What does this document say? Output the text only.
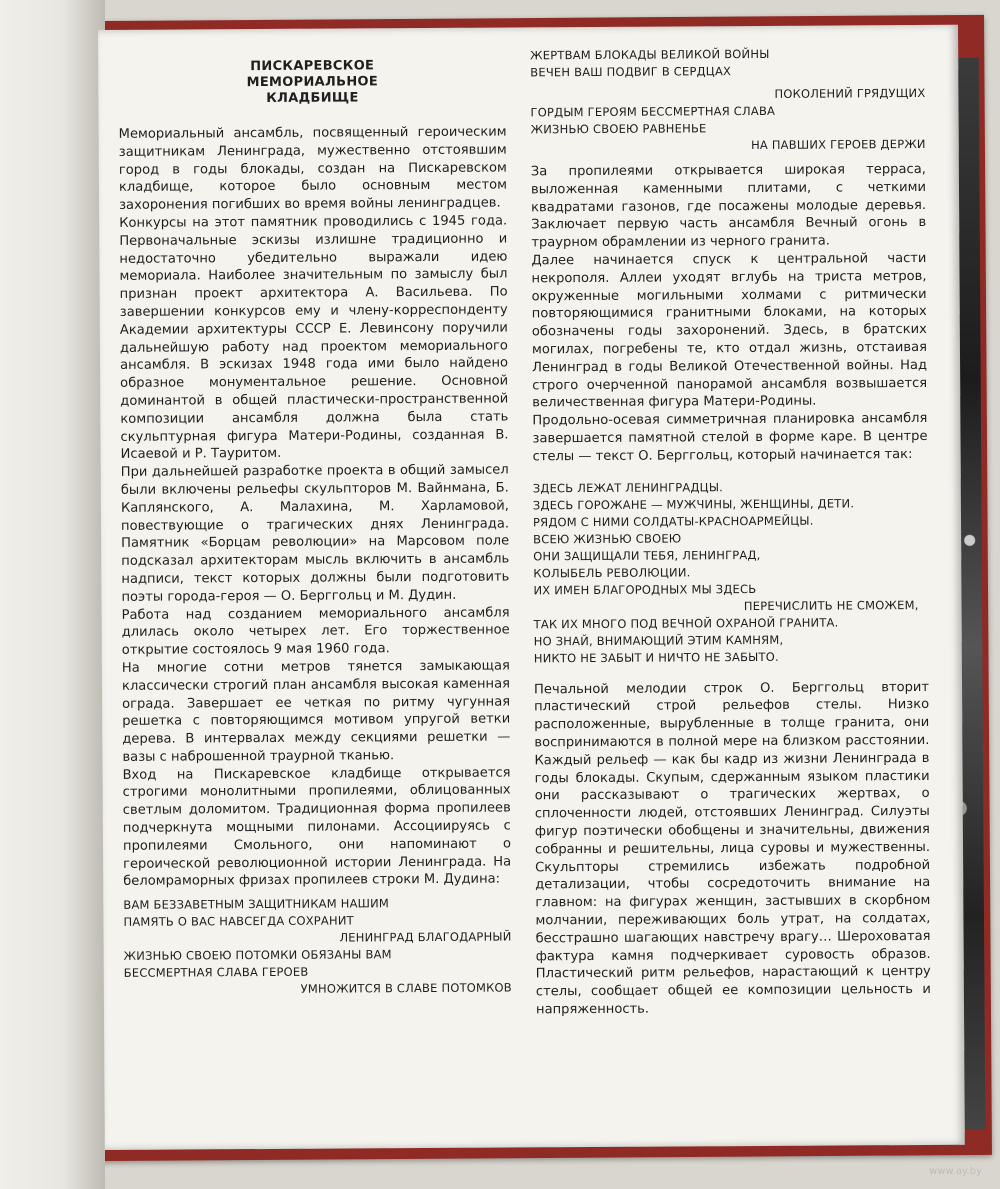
ПИСКАРЕВСКОЕ
МЕМОРИАЛЬНОЕ
КЛАДБИЩЕ

Мемориальный ансамбль, посвященный героическим защитникам Ленинграда, мужественно отстоявшим город в годы блокады, создан на Пискаревском кладбище, которое было основным местом захоронения погибших во время войны ленинградцев.

Конкурсы на этот памятник проводились с 1945 года. Первоначальные эскизы излишне традиционно и недостаточно убедительно выражали идею мемориала. Наиболее значительным по замыслу был признан проект архитектора А. Васильева. По завершении конкурсов ему и члену-корреспонденту Академии архитектуры СССР Е. Левинсону поручили дальнейшую работу над проектом мемориального ансамбля. В эскизах 1948 года ими было найдено образное монументальное решение. Основной доминантой в общей пластически-пространственной композиции ансамбля должна была стать скульптурная фигура Матери-Родины, созданная В. Исаевой и Р. Тауритом.

При дальнейшей разработке проекта в общий замысел были включены рельефы скульпторов М. Вайнмана, Б. Каплянского, А. Малахина, М. Харламовой, повествующие о трагических днях Ленинграда. Памятник «Борцам революции» на Марсовом поле подсказал архитекторам мысль включить в ансамбль надписи, текст которых должны были подготовить поэты города-героя — О. Берггольц и М. Дудин.

Работа над созданием мемориального ансамбля длилась около четырех лет. Его торжественное открытие состоялось 9 мая 1960 года.

На многие сотни метров тянется замыкающая классически строгий план ансамбля высокая каменная ограда. Завершает ее четкая по ритму чугунная решетка с повторяющимся мотивом упругой ветки дерева. В интервалах между секциями решетки — вазы с наброшенной траурной тканью.

Вход на Пискаревское кладбище открывается строгими монолитными пропилеями, облицованных светлым доломитом. Традиционная форма пропилеев подчеркнута мощными пилонами. Ассоциируясь с пропилеями Смольного, они напоминают о героической революционной истории Ленинграда. На беломраморных фризах пропилеев строки М. Дудина:

ВАМ БЕЗЗАВЕТНЫМ ЗАЩИТНИКАМ НАШИМ
ПАМЯТЬ О ВАС НАВСЕГДА СОХРАНИТ
ЛЕНИНГРАД БЛАГОДАРНЫЙ
ЖИЗНЬЮ СВОЕЮ ПОТОМКИ ОБЯЗАНЫ ВАМ
БЕССМЕРТНАЯ СЛАВА ГЕРОЕВ
УМНОЖИТСЯ В СЛАВЕ ПОТОМКОВ
ЖЕРТВАМ БЛОКАДЫ ВЕЛИКОЙ ВОЙНЫ
ВЕЧЕН ВАШ ПОДВИГ В СЕРДЦАХ
ПОКОЛЕНИЙ ГРЯДУЩИХ
ГОРДЫМ ГЕРОЯМ БЕССМЕРТНАЯ СЛАВА
ЖИЗНЬЮ СВОЕЮ РАВНЕНЬЕ
НА ПАВШИХ ГЕРОЕВ ДЕРЖИ

За пропилеями открывается широкая терраса, выложенная каменными плитами, с четкими квадратами газонов, где посажены молодые деревья. Заключает первую часть ансамбля Вечный огонь в траурном обрамлении из черного гранита.

Далее начинается спуск к центральной части некрополя. Аллеи уходят вглубь на триста метров, окруженные могильными холмами с ритмически повторяющимися гранитными блоками, на которых обозначены годы захоронений. Здесь, в братских могилах, погребены те, кто отдал жизнь, отстаивая Ленинград в годы Великой Отечественной войны. Над строго очерченной панорамой ансамбля возвышается величественная фигура Матери-Родины.

Продольно-осевая симметричная планировка ансамбля завершается памятной стелой в форме каре. В центре стелы — текст О. Берггольц, который начинается так:

ЗДЕСЬ ЛЕЖАТ ЛЕНИНГРАДЦЫ.
ЗДЕСЬ ГОРОЖАНЕ — МУЖЧИНЫ, ЖЕНЩИНЫ, ДЕТИ.
РЯДОМ С НИМИ СОЛДАТЫ-КРАСНОАРМЕЙЦЫ.
ВСЕЮ ЖИЗНЬЮ СВОЕЮ
ОНИ ЗАЩИЩАЛИ ТЕБЯ, ЛЕНИНГРАД,
КОЛЫБЕЛЬ РЕВОЛЮЦИИ.
ИХ ИМЕН БЛАГОРОДНЫХ МЫ ЗДЕСЬ
ПЕРЕЧИСЛИТЬ НЕ СМОЖЕМ,
ТАК ИХ МНОГО ПОД ВЕЧНОЙ ОХРАНОЙ ГРАНИТА.
НО ЗНАЙ, ВНИМАЮЩИЙ ЭТИМ КАМНЯМ,
НИКТО НЕ ЗАБЫТ И НИЧТО НЕ ЗАБЫТО.

Печальной мелодии строк О. Берггольц вторит пластический строй рельефов стелы. Низко расположенные, вырубленные в толще гранита, они воспринимаются в полной мере на близком расстоянии. Каждый рельеф — как бы кадр из жизни Ленинграда в годы блокады. Скупым, сдержанным языком пластики они рассказывают о трагических жертвах, о сплоченности людей, отстоявших Ленинград. Силуэты фигур поэтически обобщены и значительны, движения собранны и решительны, лица суровы и мужественны. Скульпторы стремились избежать подробной детализации, чтобы сосредоточить внимание на главном: на фигурах женщин, застывших в скорбном молчании, переживающих боль утрат, на солдатах, бесстрашно шагающих навстречу врагу… Шероховатая фактура камня подчеркивает суровость образов. Пластический ритм рельефов, нарастающий к центру стелы, сообщает общей ее композиции цельность и напряженность.

www.ay.by
